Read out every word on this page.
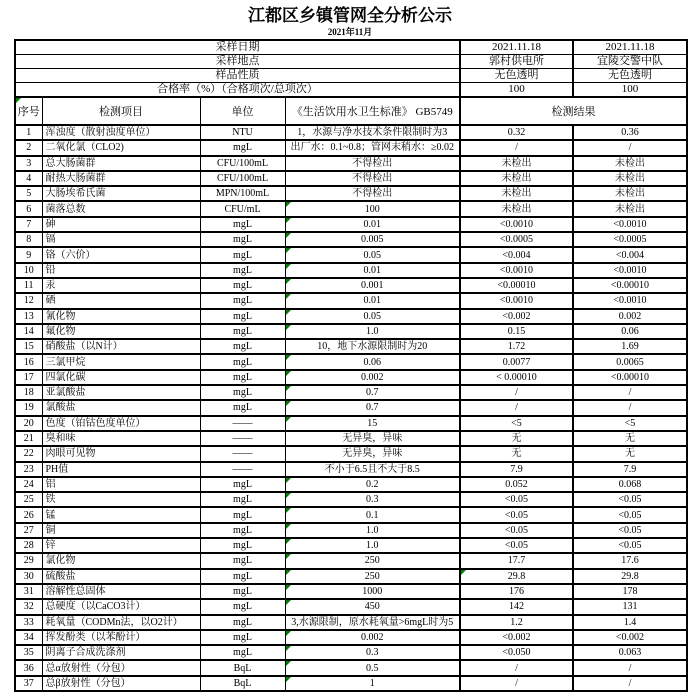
江都区乡镇管网全分析公示
2021年11月
采样日期				2021.11.18	2021.11.18
采样地点				郭村供电所	宜陵交警中队
样品性质				无色透明	无色透明
合格率（%）（合格项次/总项次）				100	100
序号	检测项目	单位	《生活饮用水卫生标准》 GB5749	检测结果	
1	浑浊度（散射浊度单位）	NTU	1，水源与净水技术条件限制时为3	0.32	0.36
2	二氧化氯（CLO2)	mgL	出厂水：0.1~0.8；管网末稍水：≥0.02	/	/
3	总大肠菌群	CFU/100mL	不得检出	未检出	未检出
4	耐热大肠菌群	CFU/100mL	不得检出	未检出	未检出
5	大肠埃希氏菌	MPN/100mL	不得检出	未检出	未检出
6	菌落总数	CFU/mL	100	未检出	未检出
7	砷	mgL	0.01	<0.0010	<0.0010
8	镉	mgL	0.005	<0.0005	<0.0005
9	铬（六价）	mgL	0.05	<0.004	<0.004
10	铅	mgL	0.01	<0.0010	<0.0010
11	汞	mgL	0.001	<0.00010	<0.00010
12	硒	mgL	0.01	<0.0010	<0.0010
13	氰化物	mgL	0.05	<0.002	0.002
14	氟化物	mgL	1.0	0.15	0.06
15	硝酸盐（以N计）	mgL	10，地下水源限制时为20	1.72	1.69
16	三氯甲烷	mgL	0.06	0.0077	0.0065
17	四氯化碳	mgL	0.002	< 0.00010	<0.00010
18	亚氯酸盐	mgL	0.7	/	/
19	氯酸盐	mgL	0.7	/	/
20	色度（铂钴色度单位）	——	15	<5	<5
21	臭和味	——	无异臭，异味	无	无
22	肉眼可见物	——	无异臭，异味	无	无
23	PH值	——	不小于6.5且不大于8.5	7.9	7.9
24	铝	mgL	0.2	0.052	0.068
25	铁	mgL	0.3	<0.05	<0.05
26	锰	mgL	0.1	<0.05	<0.05
27	铜	mgL	1.0	<0.05	<0.05
28	锌	mgL	1.0	<0.05	<0.05
29	氯化物	mgL	250	17.7	17.6
30	硫酸盐	mgL	250	29.8	29.8
31	溶解性总固体	mgL	1000	176	178
32	总硬度（以CaCO3计）	mgL	450	142	131
33	耗氧量（CODMn法，以O2计）	mgL	3,水源限制，原水耗氧量>6mgL时为5	1.2	1.4
34	挥发酚类（以苯酚计）	mgL	0.002	<0.002	<0.002
35	阴离子合成洗涤剂	mgL	0.3	<0.050	0.063
36	总α放射性（分包）	BqL	0.5	/	/
37	总β放射性（分包）	BqL	1	/	/
